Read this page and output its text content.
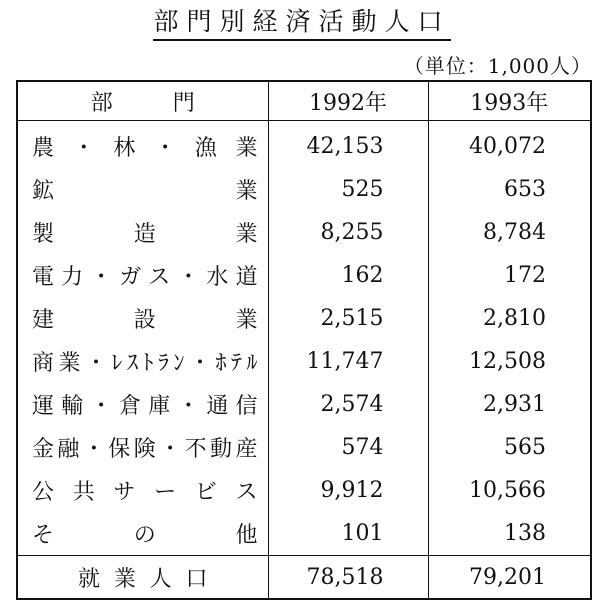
部門別経済活動人口
（単位：1,000人）
部門	1992年	1993年
農・林・漁業	42,153	40,072
鉱業	525	653
製造業	8,255	8,784
電力・ガス・水道	162	172
建設業	2,515	2,810
商業・ﾚｽﾄﾗﾝ・ﾎﾃﾙ	11,747	12,508
運輸・倉庫・通信	2,574	2,931
金融・保険・不動産	574	565
公共サービス	9,912	10,566
その他	101	138
就業人口	78,518	79,201
